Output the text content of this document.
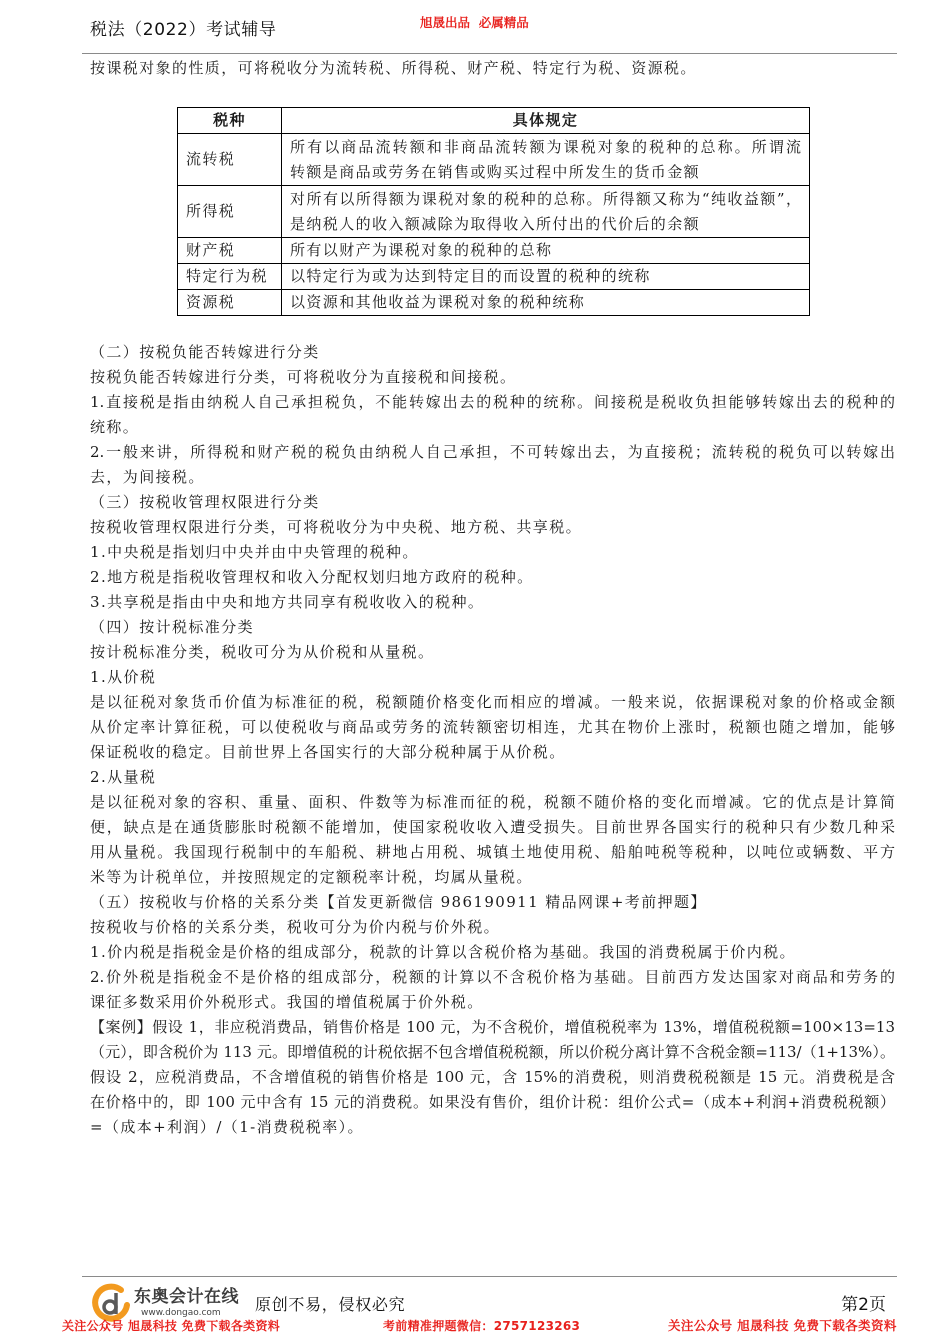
税法（2022）考试辅导	旭晟出品  必属精品
按课税对象的性质，可将税收分为流转税、所得税、财产税、特定行为税、资源税。
税种	具体规定
流转税	所有以商品流转额和非商品流转额为课税对象的税种的总称。所谓流
转额是商品或劳务在销售或购买过程中所发生的货币金额

所得税	对所有以所得额为课税对象的税种的总称。所得额又称为“纯收益额”，
是纳税人的收入额减除为取得收入所付出的代价后的余额

财产税	所有以财产为课税对象的税种的总称

特定行为税	以特定行为或为达到特定目的而设置的税种的统称

资源税	以资源和其他收益为课税对象的税种统称
（二）按税负能否转嫁进行分类
按税负能否转嫁进行分类，可将税收分为直接税和间接税。
1.直接税是指由纳税人自己承担税负，不能转嫁出去的税种的统称。间接税是税收负担能够转嫁出去的税种的
统称。
2.一般来讲，所得税和财产税的税负由纳税人自己承担，不可转嫁出去，为直接税；流转税的税负可以转嫁出
去，为间接税。
（三）按税收管理权限进行分类
按税收管理权限进行分类，可将税收分为中央税、地方税、共享税。
1.中央税是指划归中央并由中央管理的税种。
2.地方税是指税收管理权和收入分配权划归地方政府的税种。
3.共享税是指由中央和地方共同享有税收收入的税种。
（四）按计税标准分类
按计税标准分类，税收可分为从价税和从量税。
1.从价税
是以征税对象货币价值为标准征的税，税额随价格变化而相应的增减。一般来说，依据课税对象的价格或金额
从价定率计算征税，可以使税收与商品或劳务的流转额密切相连，尤其在物价上涨时，税额也随之增加，能够
保证税收的稳定。目前世界上各国实行的大部分税种属于从价税。
2.从量税
是以征税对象的容积、重量、面积、件数等为标准而征的税，税额不随价格的变化而增减。它的优点是计算简
便，缺点是在通货膨胀时税额不能增加，使国家税收收入遭受损失。目前世界各国实行的税种只有少数几种采
用从量税。我国现行税制中的车船税、耕地占用税、城镇土地使用税、船舶吨税等税种，以吨位或辆数、平方
米等为计税单位，并按照规定的定额税率计税，均属从量税。
（五）按税收与价格的关系分类【首发更新微信 986190911 精品网课+考前押题】
按税收与价格的关系分类，税收可分为价内税与价外税。
1.价内税是指税金是价格的组成部分，税款的计算以含税价格为基础。我国的消费税属于价内税。
2.价外税是指税金不是价格的组成部分，税额的计算以不含税价格为基础。目前西方发达国家对商品和劳务的
课征多数采用价外税形式。我国的增值税属于价外税。
【案例】假设 1，非应税消费品，销售价格是 100 元，为不含税价，增值税税率为 13%，增值税税额=100×13=13
（元），即含税价为 113 元。即增值税的计税依据不包含增值税税额，所以价税分离计算不含税金额=113/（1+13%）。
假设 2，应税消费品，不含增值税的销售价格是 100 元，含 15%的消费税，则消费税税额是 15 元。消费税是含
在价格中的，即 100 元中含有 15 元的消费税。如果没有售价，组价计税：组价公式=（成本+利润+消费税税额）
=（成本+利润）/（1-消费税税率）。
东奥会计在线
www.dongao.com 原创不易，侵权必究	第2页
关注公众号 旭晟科技 免费下载各类资料	考前精准押题微信：2757123263	关注公众号 旭晟科技 免费下载各类资料
